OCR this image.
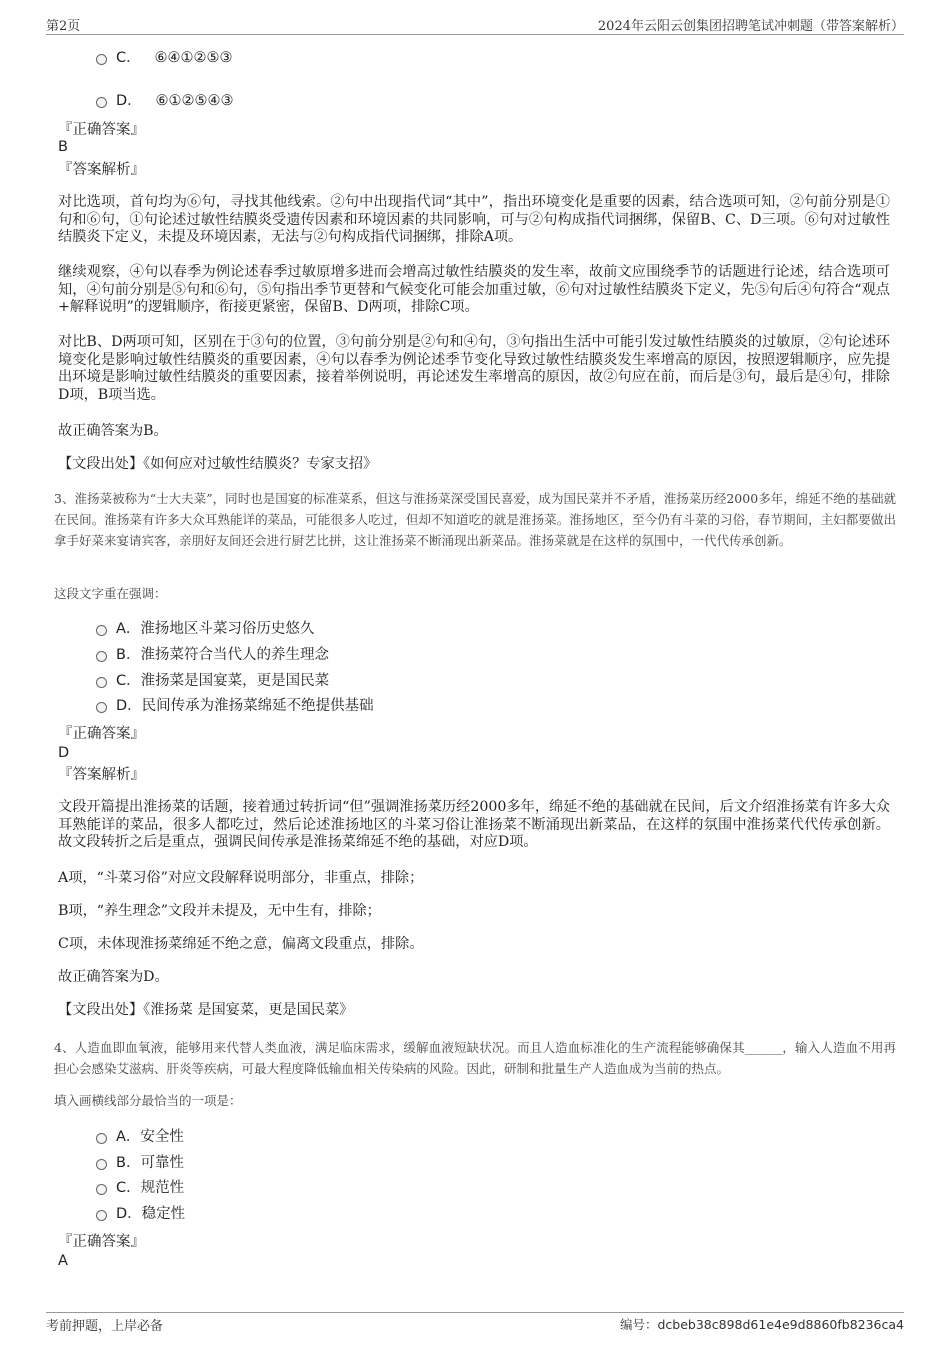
第2页	2024年云阳云创集团招聘笔试冲刺题（带答案解析）
C． ⑥④①②⑤③
D． ⑥①②⑤④③
『正确答案』
B
『答案解析』
对比选项，首句均为⑥句，寻找其他线索。②句中出现指代词“其中”，指出环境变化是重要的因素，结合选项可知，②句前分别是①句和⑥句，①句论述过敏性结膜炎受遗传因素和环境因素的共同影响，可与②句构成指代词捆绑，保留B、C、D三项。⑥句对过敏性结膜炎下定义，未提及环境因素，无法与②句构成指代词捆绑，排除A项。
继续观察，④句以春季为例论述春季过敏原增多进而会增高过敏性结膜炎的发生率，故前文应围绕季节的话题进行论述，结合选项可知，④句前分别是⑤句和⑥句，⑤句指出季节更替和气候变化可能会加重过敏，⑥句对过敏性结膜炎下定义，先⑤句后④句符合“观点+解释说明”的逻辑顺序，衔接更紧密，保留B、D两项，排除C项。
对比B、D两项可知，区别在于③句的位置，③句前分别是②句和④句，③句指出生活中可能引发过敏性结膜炎的过敏原，②句论述环境变化是影响过敏性结膜炎的重要因素，④句以春季为例论述季节变化导致过敏性结膜炎发生率增高的原因，按照逻辑顺序，应先提出环境是影响过敏性结膜炎的重要因素，接着举例说明，再论述发生率增高的原因，故②句应在前，而后是③句，最后是④句，排除D项，B项当选。
故正确答案为B。
【文段出处】《如何应对过敏性结膜炎？专家支招》
3、淮扬菜被称为“士大夫菜”，同时也是国宴的标准菜系，但这与淮扬菜深受国民喜爱，成为国民菜并不矛盾，淮扬菜历经2000多年，绵延不绝的基础就在民间。淮扬菜有许多大众耳熟能详的菜品，可能很多人吃过，但却不知道吃的就是淮扬菜。淮扬地区，至今仍有斗菜的习俗，春节期间，主妇都要做出拿手好菜来宴请宾客，亲朋好友间还会进行厨艺比拼，这让淮扬菜不断涌现出新菜品。淮扬菜就是在这样的氛围中，一代代传承创新。
这段文字重在强调：
A．淮扬地区斗菜习俗历史悠久
B．淮扬菜符合当代人的养生理念
C．淮扬菜是国宴菜，更是国民菜
D．民间传承为淮扬菜绵延不绝提供基础
『正确答案』
D
『答案解析』
文段开篇提出淮扬菜的话题，接着通过转折词“但”强调淮扬菜历经2000多年，绵延不绝的基础就在民间，后文介绍淮扬菜有许多大众耳熟能详的菜品，很多人都吃过，然后论述淮扬地区的斗菜习俗让淮扬菜不断涌现出新菜品，在这样的氛围中淮扬菜代代传承创新。故文段转折之后是重点，强调民间传承是淮扬菜绵延不绝的基础，对应D项。
A项，“斗菜习俗”对应文段解释说明部分，非重点，排除；
B项，“养生理念”文段并未提及，无中生有，排除；
C项，未体现淮扬菜绵延不绝之意，偏离文段重点，排除。
故正确答案为D。
【文段出处】《淮扬菜 是国宴菜，更是国民菜》
4、人造血即血氧液，能够用来代替人类血液，满足临床需求，缓解血液短缺状况。而且人造血标准化的生产流程能够确保其______，输入人造血不用再担心会感染艾滋病、肝炎等疾病，可最大程度降低输血相关传染病的风险。因此，研制和批量生产人造血成为当前的热点。
填入画横线部分最恰当的一项是：
A．安全性
B．可靠性
C．规范性
D．稳定性
『正确答案』
A
考前押题，上岸必备	编号：dcbeb38c898d61e4e9d8860fb8236ca4
